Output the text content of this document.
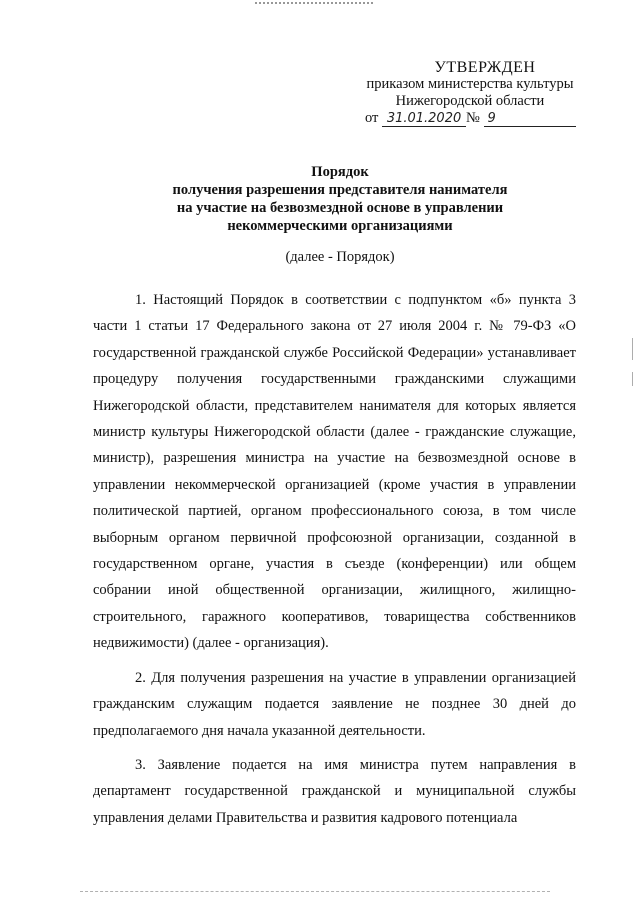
УТВЕРЖДЕН
приказом министерства культуры
Нижегородской области
от 31.01.2020 № 9
Порядок
получения разрешения представителя нанимателя
на участие на безвозмездной основе в управлении
некоммерческими организациями
(далее - Порядок)

1. Настоящий Порядок в соответствии с подпунктом «б» пункта 3 части 1 статьи 17 Федерального закона от 27 июля 2004 г. № 79-ФЗ «О государственной гражданской службе Российской Федерации» устанавливает процедуру получения государственными гражданскими служащими Нижегородской области, представителем нанимателя для которых является министр культуры Нижегородской области (далее - гражданские служащие, министр), разрешения министра на участие на безвозмездной основе в управлении некоммерческой организацией (кроме участия в управлении политической партией, органом профессионального союза, в том числе выборным органом первичной профсоюзной организации, созданной в государственном органе, участия в съезде (конференции) или общем собрании иной общественной организации, жилищного, жилищно-строительного, гаражного кооперативов, товарищества собственников недвижимости) (далее - организация).

2. Для получения разрешения на участие в управлении организацией гражданским служащим подается заявление не позднее 30 дней до предполагаемого дня начала указанной деятельности.

3. Заявление подается на имя министра путем направления в департамент государственной гражданской и муниципальной службы управления делами Правительства и развития кадрового потенциала
